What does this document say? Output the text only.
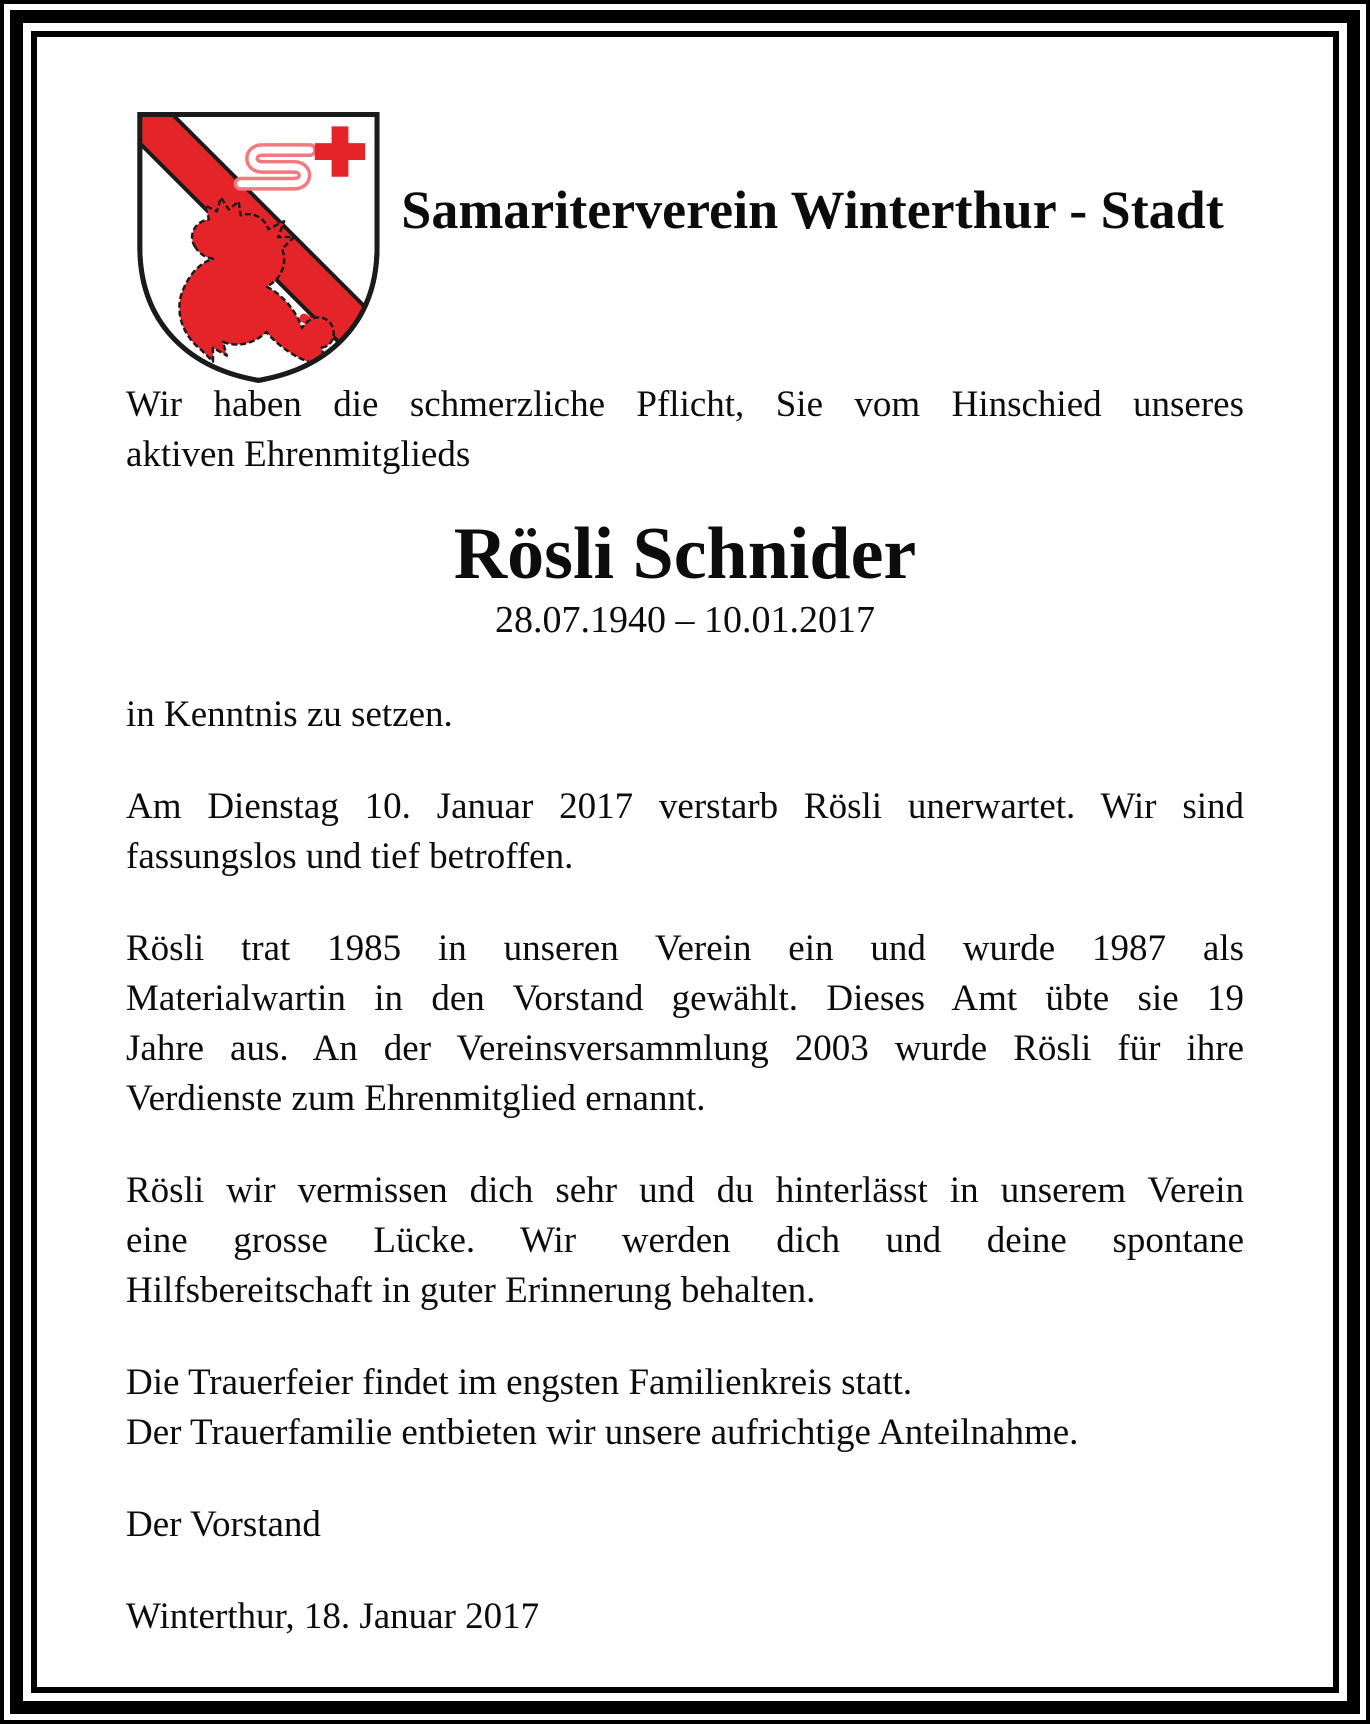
Samariterverein Winterthur - Stadt
Wir haben die schmerzliche Pflicht, Sie vom Hinschied unseres
aktiven Ehrenmitglieds
Rösli Schnider
28.07.1940 – 10.01.2017
in Kenntnis zu setzen.
Am Dienstag 10. Januar 2017 verstarb Rösli unerwartet. Wir sind
fassungslos und tief betroffen.
Rösli trat 1985 in unseren Verein ein und wurde 1987 als
Materialwartin in den Vorstand gewählt. Dieses Amt übte sie 19
Jahre aus. An der Vereinsversammlung 2003 wurde Rösli für ihre
Verdienste zum Ehrenmitglied ernannt.
Rösli wir vermissen dich sehr und du hinterlässt in unserem Verein
eine grosse Lücke. Wir werden dich und deine spontane
Hilfsbereitschaft in guter Erinnerung behalten.
Die Trauerfeier findet im engsten Familienkreis statt.
Der Trauerfamilie entbieten wir unsere aufrichtige Anteilnahme.
Der Vorstand
Winterthur, 18. Januar 2017
